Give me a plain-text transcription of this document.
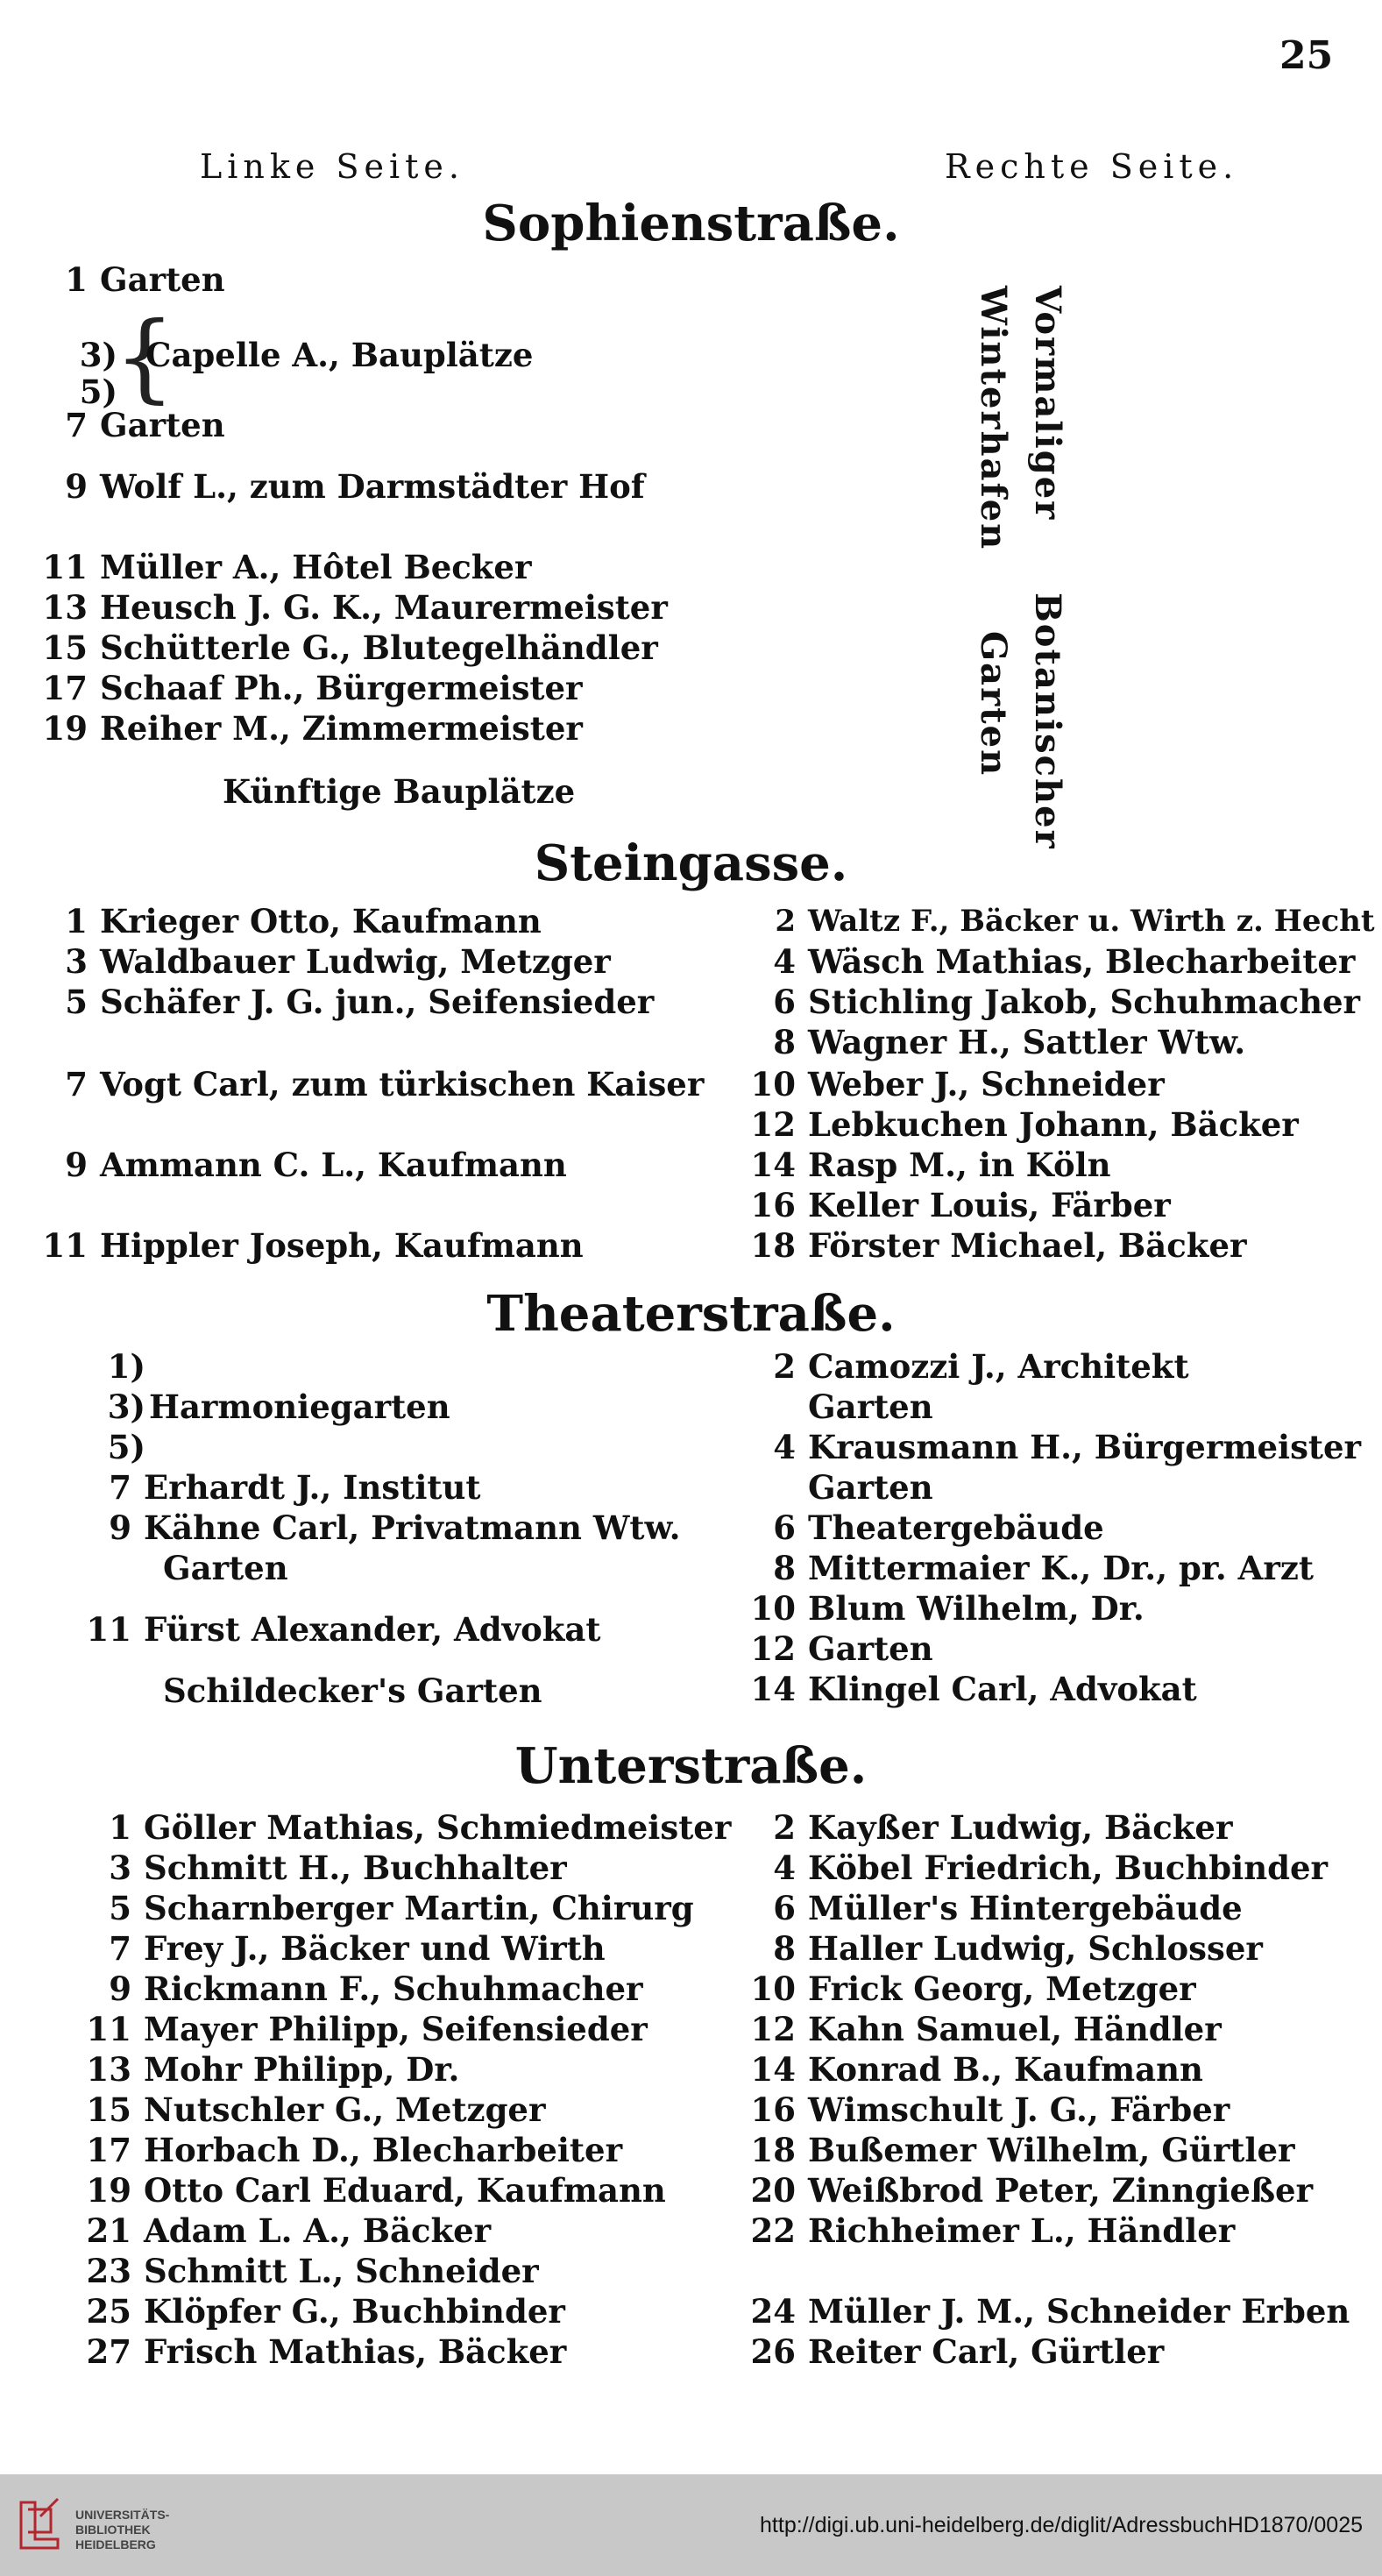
25
Linke Seite.	Rechte Seite.
Sophienstraße.
1 Garten
3)
5)
{
Capelle A., Bauplätze
7 Garten
9 Wolf L., zum Darmstädter Hof
11 Müller A., Hôtel Becker
13 Heusch J. G. K., Maurermeister
15 Schütterle G., Blutegelhändler
17 Schaaf Ph., Bürgermeister
19 Reiher M., Zimmermeister
Künftige Bauplätze
Winterhafen Vormaliger
Garten Botanischer
Steingasse.
1 Krieger Otto, Kaufmann
3 Waldbauer Ludwig, Metzger
5 Schäfer J. G. jun., Seifensieder
7 Vogt Carl, zum türkischen Kaiser
9 Ammann C. L., Kaufmann
11 Hippler Joseph, Kaufmann
2 Waltz F., Bäcker u. Wirth z. Hecht
4 Wäsch Mathias, Blecharbeiter
6 Stichling Jakob, Schuhmacher
8 Wagner H., Sattler Wtw.
10 Weber J., Schneider
12 Lebkuchen Johann, Bäcker
14 Rasp M., in Köln
16 Keller Louis, Färber
18 Förster Michael, Bäcker
Theaterstraße.
1)
3) Harmoniegarten
5)
7 Erhardt J., Institut
9 Kähne Carl, Privatmann Wtw.
Garten
11 Fürst Alexander, Advokat
Schildecker's Garten
2 Camozzi J., Architekt
Garten
4 Krausmann H., Bürgermeister
Garten
6 Theatergebäude
8 Mittermaier K., Dr., pr. Arzt
10 Blum Wilhelm, Dr.
12 Garten
14 Klingel Carl, Advokat
Unterstraße.
1 Göller Mathias, Schmiedmeister
3 Schmitt H., Buchhalter
5 Scharnberger Martin, Chirurg
7 Frey J., Bäcker und Wirth
9 Rickmann F., Schuhmacher
11 Mayer Philipp, Seifensieder
13 Mohr Philipp, Dr.
15 Nutschler G., Metzger
17 Horbach D., Blecharbeiter
19 Otto Carl Eduard, Kaufmann
21 Adam L. A., Bäcker
23 Schmitt L., Schneider
25 Klöpfer G., Buchbinder
27 Frisch Mathias, Bäcker
2 Kayßer Ludwig, Bäcker
4 Köbel Friedrich, Buchbinder
6 Müller's Hintergebäude
8 Haller Ludwig, Schlosser
10 Frick Georg, Metzger
12 Kahn Samuel, Händler
14 Konrad B., Kaufmann
16 Wimschult J. G., Färber
18 Bußemer Wilhelm, Gürtler
20 Weißbrod Peter, Zinngießer
22 Richheimer L., Händler
24 Müller J. M., Schneider Erben
26 Reiter Carl, Gürtler
UNIVERSITÄTS-
BIBLIOTHEK
HEIDELBERG
http://digi.ub.uni-heidelberg.de/diglit/AdressbuchHD1870/0025
